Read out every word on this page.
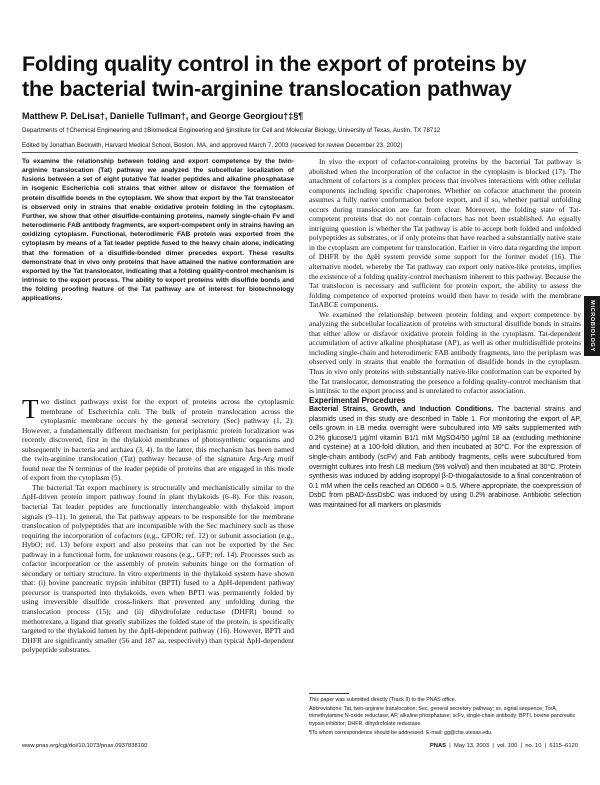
Folding quality control in the export of proteins by the bacterial twin-arginine translocation pathway
Matthew P. DeLisa†, Danielle Tullman†, and George Georgiou†‡§¶
Departments of †Chemical Engineering and ‡Biomedical Engineering and §Institute for Cell and Molecular Biology, University of Texas, Austin, TX 78712
Edited by Jonathan Beckwith, Harvard Medical School, Boston, MA, and approved March 7, 2003 (received for review December 23, 2002)
To examine the relationship between folding and export competence by the twin-arginine translocation (Tat) pathway we analyzed the subcellular localization of fusions between a set of eight putative Tat leader peptides and alkaline phosphatase in isogenic Escherichia coli strains that either allow or disfavor the formation of protein disulfide bonds in the cytoplasm. We show that export by the Tat translocator is observed only in strains that enable oxidative protein folding in the cytoplasm. Further, we show that other disulfide-containing proteins, namely single-chain Fv and heterodimeric FAB antibody fragments, are export-competent only in strains having an oxidizing cytoplasm. Functional, heterodimeric FAB protein was exported from the cytoplasm by means of a Tat leader peptide fused to the heavy chain alone, indicating that the formation of a disulfide-bonded dimer precedes export. These results demonstrate that in vivo only proteins that have attained the native conformation are exported by the Tat translocator, indicating that a folding quality-control mechanism is intrinsic to the export process. The ability to export proteins with disulfide bonds and the folding proofing feature of the Tat pathway are of interest for biotechnology applications.

Two distinct pathways exist for the export of proteins across the cytoplasmic membrane of Escherichia coli. The bulk of protein translocation across the cytoplasmic membrane occurs by the general secretory (Sec) pathway (1, 2). However, a fundamentally different mechanism for periplasmic protein localization was recently discovered, first in the thylakoid membranes of photosynthetic organisms and subsequently in bacteria and archaea (3, 4). In the latter, this mechanism has been named the twin-arginine translocation (Tat) pathway because of the signature Arg-Arg motif found near the N terminus of the leader peptide of proteins that are engaged in this mode of export from the cytoplasm (5).

The bacterial Tat export machinery is structurally and mechanistically similar to the ΔpH-driven protein import pathway found in plant thylakoids (6–8). For this reason, bacterial Tat leader peptides are functionally interchangeable with thylakoid import signals (9–11). In general, the Tat pathway appears to be responsible for the membrane translocation of polypeptides that are incompatible with the Sec machinery such as those requiring the incorporation of cofactors (e.g., GFOR; ref. 12) or subunit association (e.g., HybO; ref. 13) before export and also proteins that can not be exported by the Sec pathway in a functional form, for unknown reasons (e.g., GFP; ref. 14). Processes such as cofactor incorporation or the assembly of protein subunits hinge on the formation of secondary or tertiary structure. In vitro experiments in the thylakoid system have shown that: (i) bovine pancreatic trypsin inhibitor (BPTI) fused to a ΔpH-dependent pathway precursor is transported into thylakoids, even when BPTI was permanently folded by using irreversible disulfide cross-linkers that prevented any unfolding during the translocation process (15); and (ii) dihydrofolate reductase (DHFR) bound to methotrexate, a ligand that greatly stabilizes the folded state of the protein, is specifically targeted to the thylakoid lumen by the ΔpH-dependent pathway (16). However, BPTI and DHFR are significantly smaller (56 and 187 aa, respectively) than typical ΔpH-dependent polypeptide substrates.

In vivo the export of cofactor-containing proteins by the bacterial Tat pathway is abolished when the incorporation of the cofactor in the cytoplasm is blocked (17). The attachment of cofactors is a complex process that involves interactions with other cellular components including specific chaperones. Whether on cofactor attachment the protein assumes a fully native conformation before export, and if so, whether partial unfolding occurs during translocation are far from clear. Moreover, the folding state of Tat-competent proteins that do not contain cofactors has not been established. An equally intriguing question is whether the Tat pathway is able to accept both folded and unfolded polypeptides as substrates, or if only proteins that have reached a substantially native state in the cytoplasm are competent for translocation. Earlier in vitro data regarding the import of DHFR by the ΔpH system provide some support for the former model (16). The alternative model, whereby the Tat pathway can export only native-like proteins, implies the existence of a folding quality-control mechanism inherent to this pathway. Because the Tat translocon is necessary and sufficient for protein export, the ability to assess the folding competence of exported proteins would then have to reside with the membrane TatABCE components.

We examined the relationship between protein folding and export competence by analyzing the subcellular localization of proteins with structural disulfide bonds in strains that either allow or disfavor oxidative protein folding in the cytoplasm. Tat-dependent accumulation of active alkaline phosphatase (AP), as well as other multidisulfide proteins including single-chain and heterodimeric FAB antibody fragments, into the periplasm was observed only in strains that enable the formation of disulfide bonds in the cytoplasm. Thus in vivo only proteins with substantially native-like conformation can be exported by the Tat translocator, demonstrating the presence a folding quality-control mechanism that is intrinsic to the export process and is unrelated to cofactor association.

Experimental Procedures

Bacterial Strains, Growth, and Induction Conditions. The bacterial strains and plasmids used in this study are described in Table 1. For monitoring the export of AP, cells grown in LB media overnight were subcultured into M9 salts supplemented with 0.2% glucose/1 μg/ml vitamin B1/1 mM MgSO4/50 μg/ml 18 aa (excluding methionine and cysteine) at a 100-fold dilution, and then incubated at 30°C. For the expression of single-chain antibody (scFv) and Fab antibody fragments, cells were subcultured from overnight cultures into fresh LB medium (5% vol/vol) and then incubated at 30°C. Protein synthesis was induced by adding isopropyl β-D-thiogalactoside to a final concentration of 0.1 mM when the cells reached an OD600 ≈ 0.5. Where appropriate, the coexpression of DsbC from pBAD-ΔssDsbC was induced by using 0.2% arabinose. Antibiotic selection was maintained for all markers on plasmids

This paper was submitted directly (Track II) to the PNAS office.

Abbreviations: Tat, twin-arginine translocation; Sec, general secretory pathway; ss, signal sequence; TorA, trimethylamine N-oxide reductase; AP, alkaline phosphatase; scFv, single-chain antibody; BPTI, bovine pancreatic trypsin inhibitor; DHFR, dihydrofolate reductase.

¶To whom correspondence should be addressed. E-mail: gg@che.utexas.edu.

MICROBIOLOGY
www.pnas.org/cgi/doi/10.1073/pnas.0937838100	PNAS  |  May 13, 2003  |  vol. 100  |  no. 10  |  6115–6120
